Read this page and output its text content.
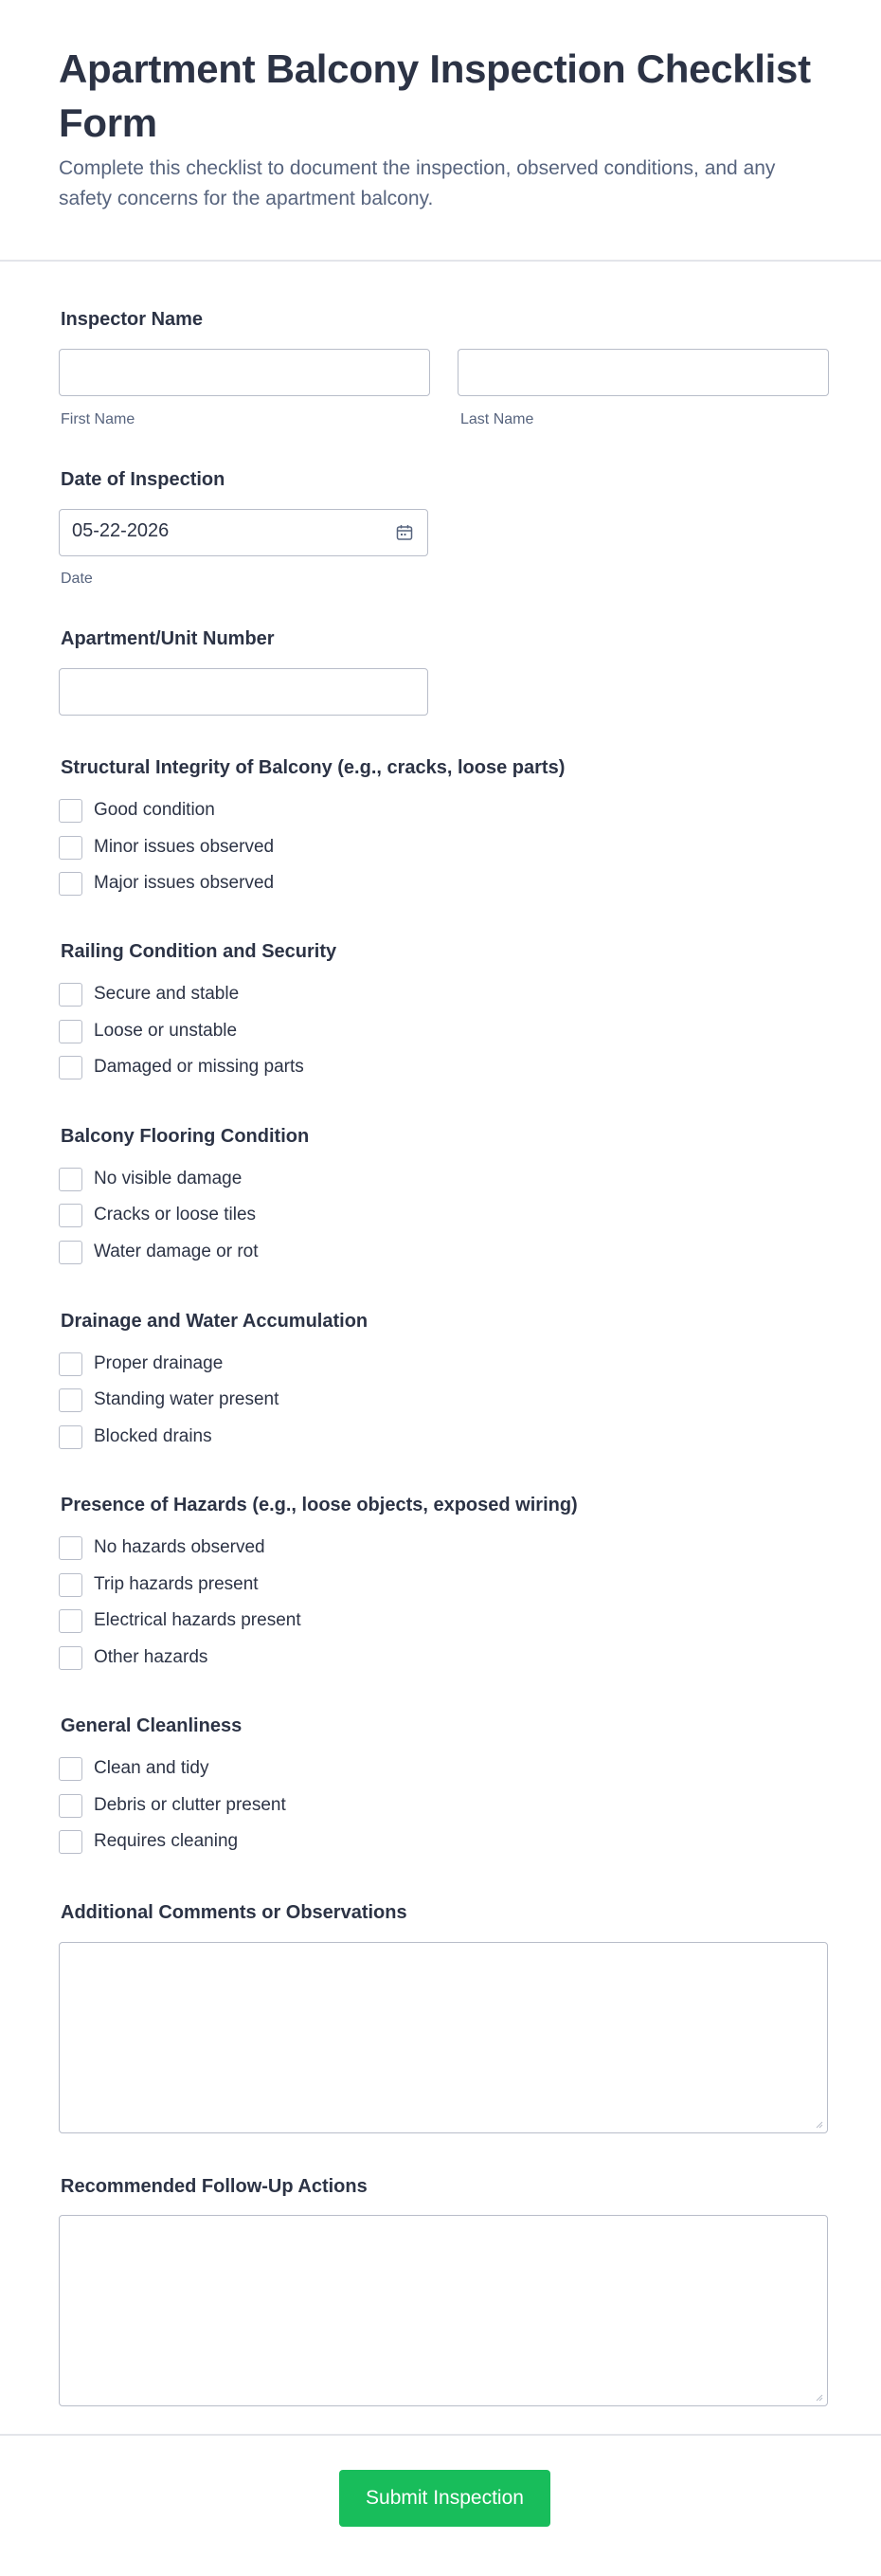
Apartment Balcony Inspection Checklist Form
Complete this checklist to document the inspection, observed conditions, and any safety concerns for the apartment balcony.
Inspector Name
First Name	Last Name
Date of Inspection
05-22-2026
Date
Apartment/Unit Number
Structural Integrity of Balcony (e.g., cracks, loose parts)
Good condition
Minor issues observed
Major issues observed
Railing Condition and Security
Secure and stable
Loose or unstable
Damaged or missing parts
Balcony Flooring Condition
No visible damage
Cracks or loose tiles
Water damage or rot
Drainage and Water Accumulation
Proper drainage
Standing water present
Blocked drains
Presence of Hazards (e.g., loose objects, exposed wiring)
No hazards observed
Trip hazards present
Electrical hazards present
Other hazards
General Cleanliness
Clean and tidy
Debris or clutter present
Requires cleaning
Additional Comments or Observations
Recommended Follow-Up Actions
Submit Inspection
